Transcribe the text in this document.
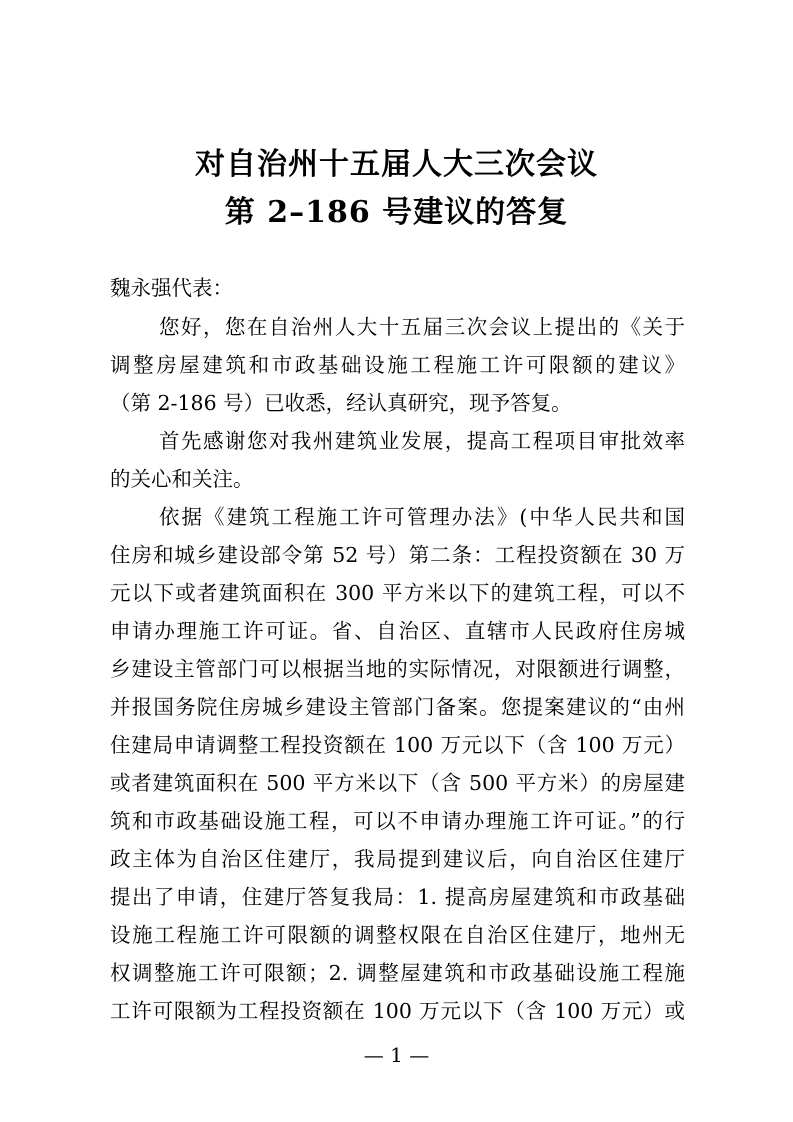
对自治州十五届人大三次会议
第 2–186 号建议的答复
魏永强代表：
您好，您在自治州人大十五届三次会议上提出的《关于
调整房屋建筑和市政基础设施工程施工许可限额的建议》
（第 2-186 号）已收悉，经认真研究，现予答复。
首先感谢您对我州建筑业发展，提高工程项目审批效率
的关心和关注。
依据《建筑工程施工许可管理办法》(中华人民共和国
住房和城乡建设部令第 52 号）第二条：工程投资额在 30 万
元以下或者建筑面积在 300 平方米以下的建筑工程，可以不
申请办理施工许可证。省、自治区、直辖市人民政府住房城
乡建设主管部门可以根据当地的实际情况，对限额进行调整，
并报国务院住房城乡建设主管部门备案。您提案建议的“由州
住建局申请调整工程投资额在 100 万元以下（含 100 万元）
或者建筑面积在 500 平方米以下（含 500 平方米）的房屋建
筑和市政基础设施工程，可以不申请办理施工许可证。”的行
政主体为自治区住建厅，我局提到建议后，向自治区住建厅
提出了申请，住建厅答复我局：1. 提高房屋建筑和市政基础
设施工程施工许可限额的调整权限在自治区住建厅，地州无
权调整施工许可限额；2. 调整屋建筑和市政基础设施工程施
工许可限额为工程投资额在 100 万元以下（含 100 万元）或
— 1 —
